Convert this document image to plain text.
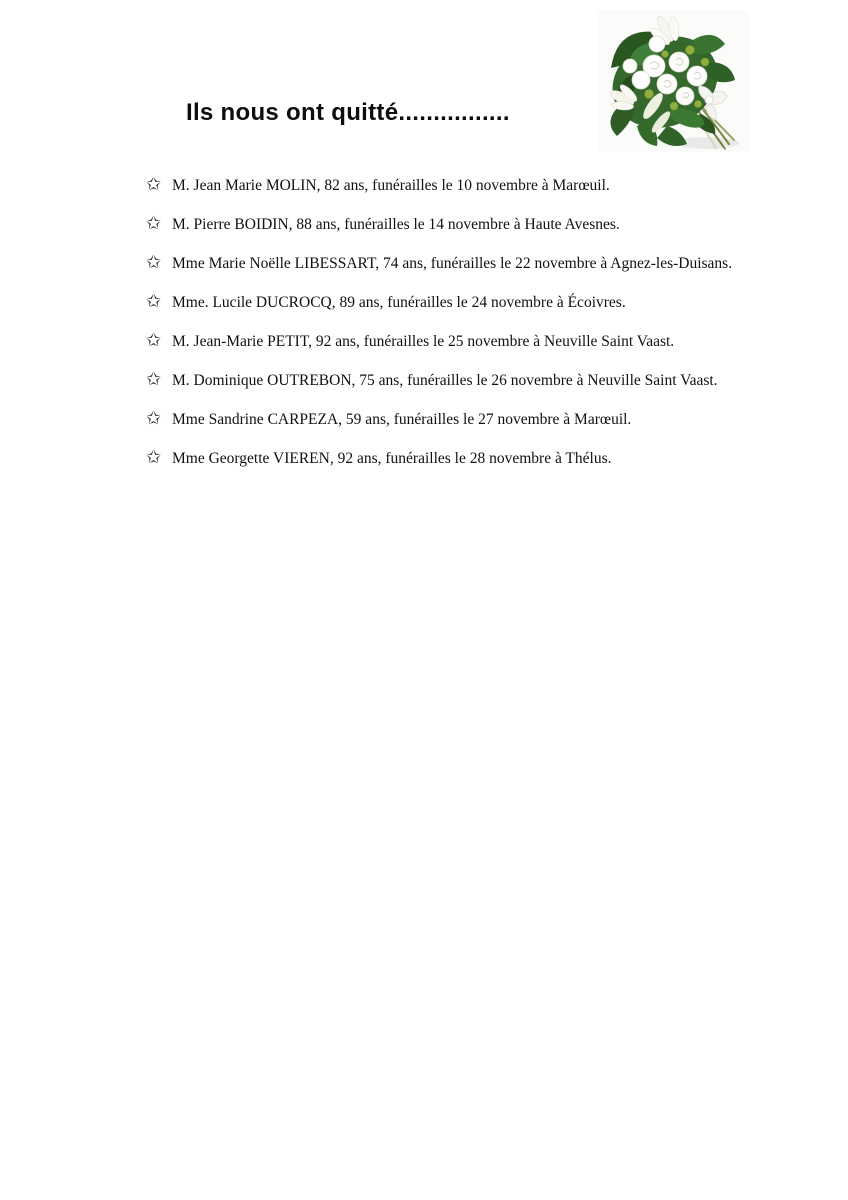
Ils nous ont quitté................
✩ M. Jean Marie MOLIN, 82 ans, funérailles le 10 novembre à Marœuil.
✩ M. Pierre BOIDIN, 88 ans, funérailles le 14 novembre à Haute Avesnes.
✩ Mme Marie Noëlle LIBESSART, 74 ans, funérailles le 22 novembre à Agnez-les-Duisans.
✩ Mme. Lucile DUCROCQ, 89 ans, funérailles le 24 novembre à Écoivres.
✩ M. Jean-Marie PETIT, 92 ans, funérailles le 25 novembre à Neuville Saint Vaast.
✩ M. Dominique OUTREBON, 75 ans, funérailles le 26 novembre à Neuville Saint Vaast.
✩ Mme Sandrine CARPEZA, 59 ans, funérailles le 27 novembre à Marœuil.
✩ Mme Georgette VIEREN, 92 ans, funérailles le 28 novembre à Thélus.
